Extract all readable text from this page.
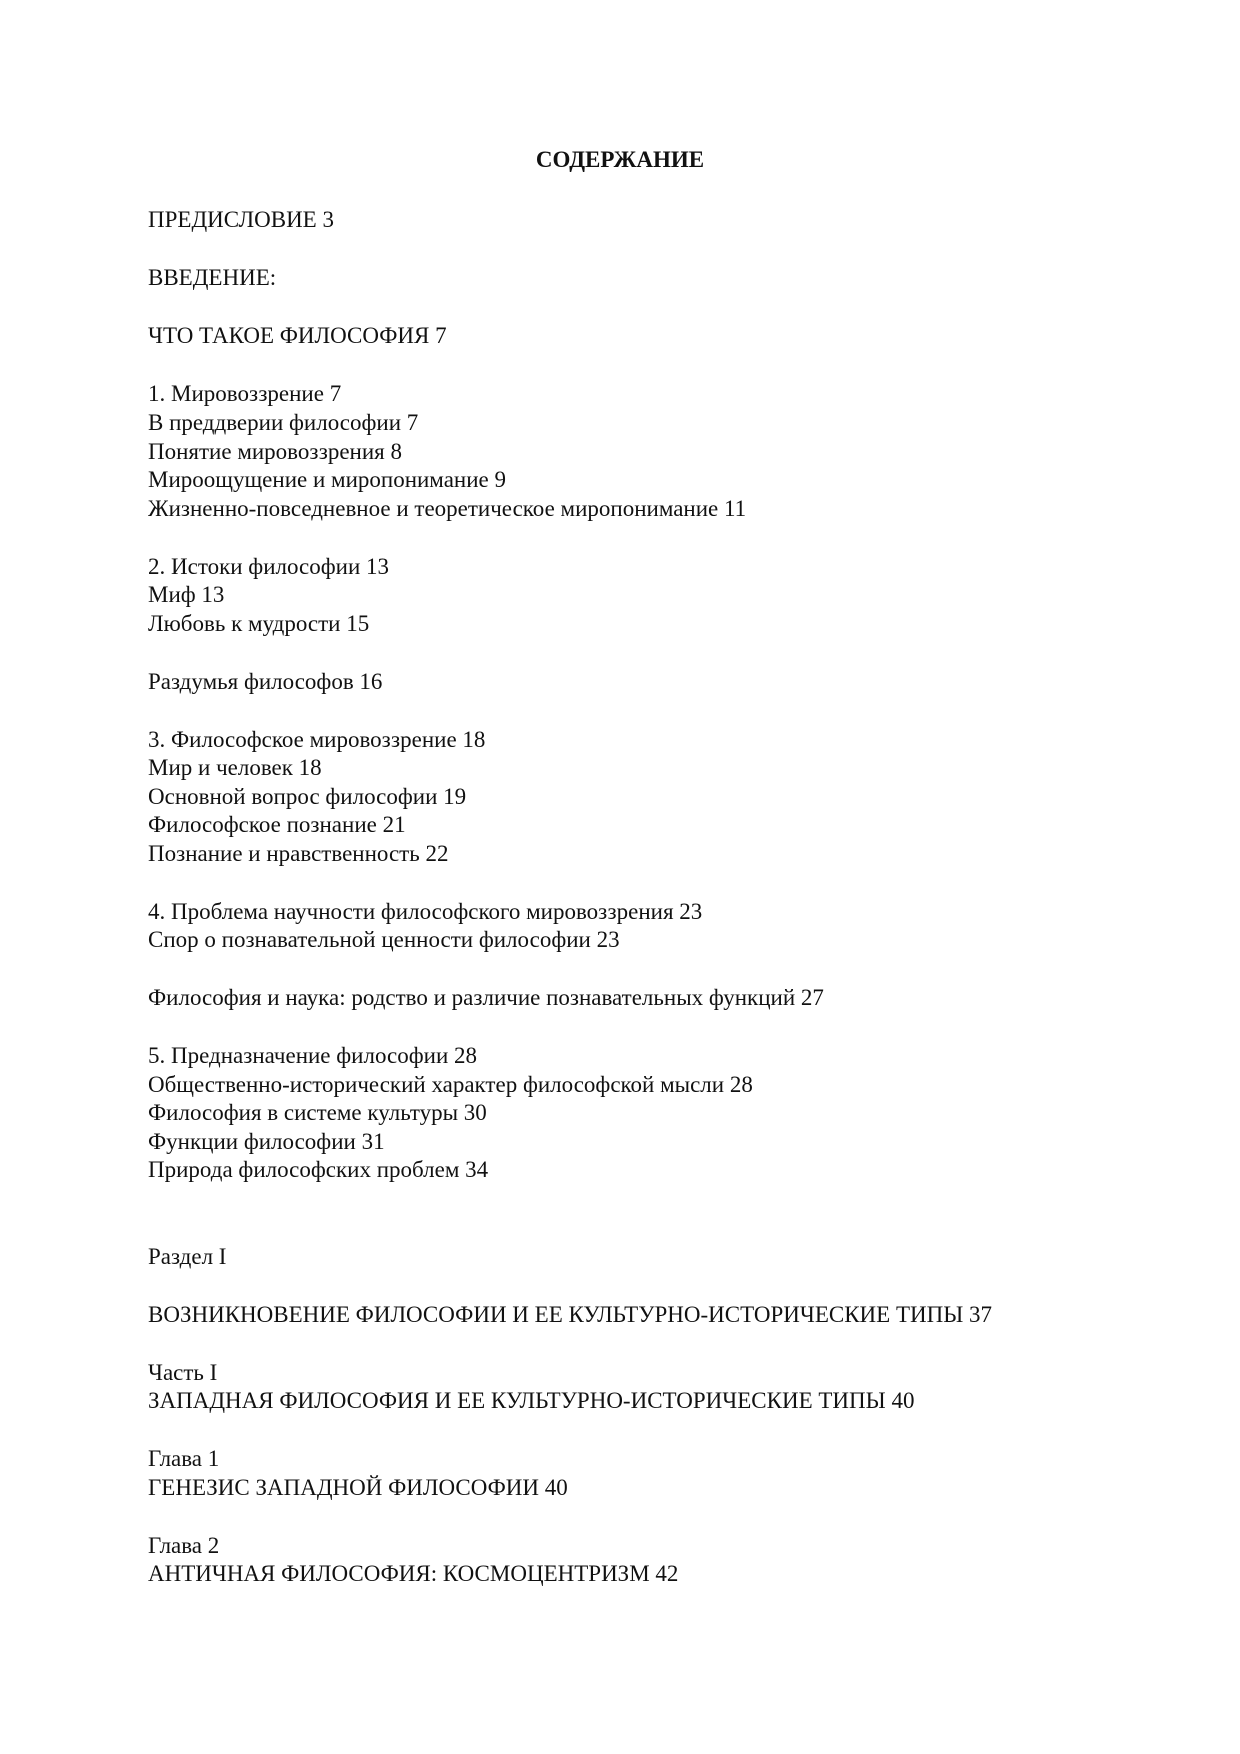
СОДЕРЖАНИЕ
ПРЕДИСЛОВИЕ 3
ВВЕДЕНИЕ:
ЧТО ТАКОЕ ФИЛОСОФИЯ 7
1. Мировоззрение 7
В преддверии философии 7
Понятие мировоззрения 8
Мироощущение и миропонимание 9
Жизненно-повседневное и теоретическое миропонимание 11
2. Истоки философии 13
Миф 13
Любовь к мудрости 15
Раздумья философов 16
3. Философское мировоззрение 18
Мир и человек 18
Основной вопрос философии 19
Философское познание 21
Познание и нравственность 22
4. Проблема научности философского мировоззрения 23
Спор о познавательной ценности философии 23
Философия и наука: родство и различие познавательных функций 27
5. Предназначение философии 28
Общественно-исторический характер философской мысли 28
Философия в системе культуры 30
Функции философии 31
Природа философских проблем 34
Раздел I
ВОЗНИКНОВЕНИЕ ФИЛОСОФИИ И ЕЕ КУЛЬТУРНО-ИСТОРИЧЕСКИЕ ТИПЫ 37
Часть I
ЗАПАДНАЯ ФИЛОСОФИЯ И ЕЕ КУЛЬТУРНО-ИСТОРИЧЕСКИЕ ТИПЫ 40
Глава 1
ГЕНЕЗИС ЗАПАДНОЙ ФИЛОСОФИИ 40
Глава 2
АНТИЧНАЯ ФИЛОСОФИЯ: КОСМОЦЕНТРИЗМ 42
